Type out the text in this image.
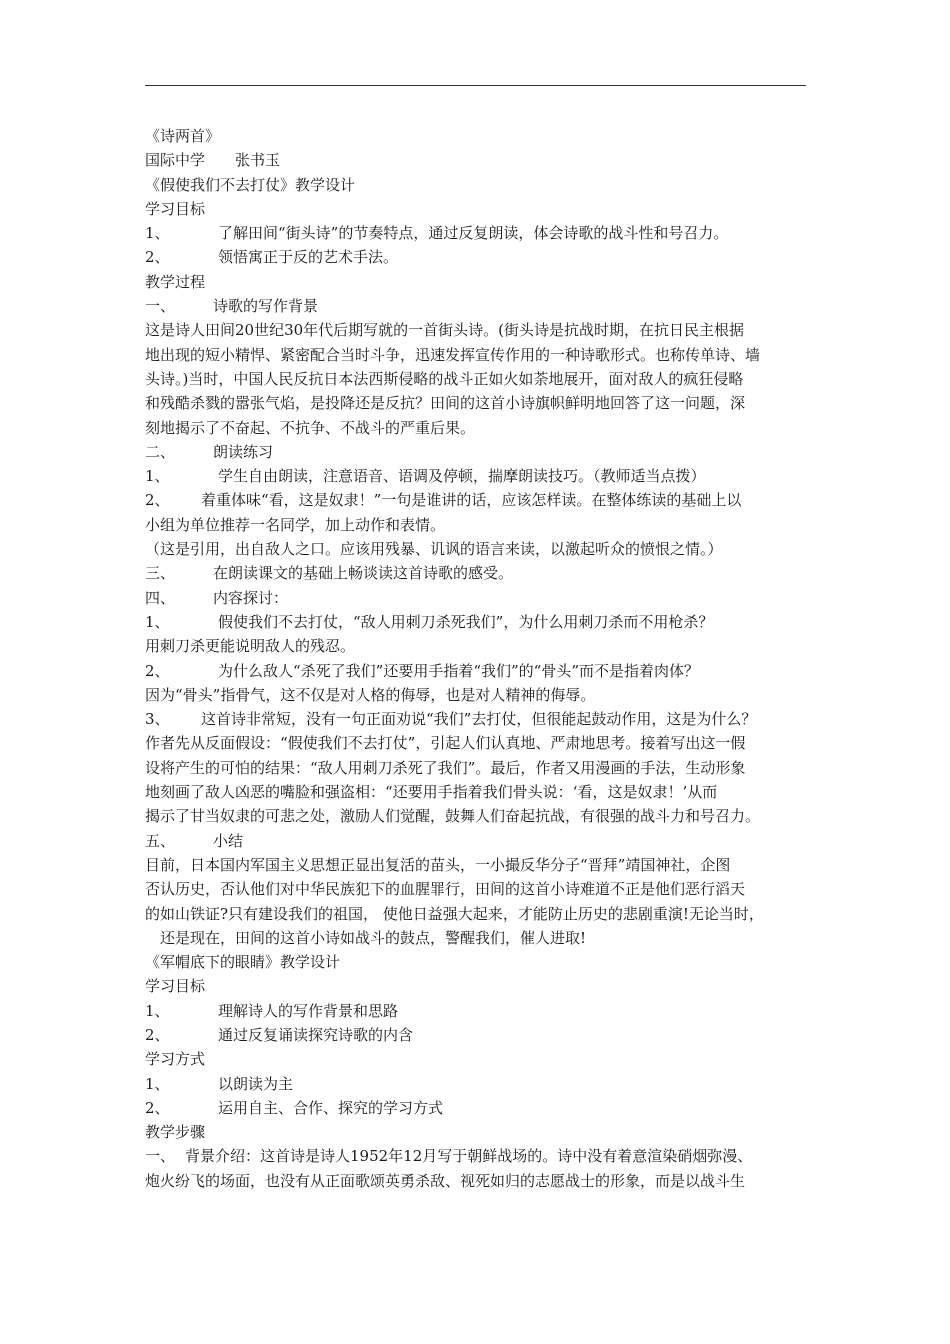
《诗两首》
国际中学　　张书玉
《假使我们不去打仗》教学设计
学习目标
1、	了解田间“街头诗”的节奏特点，通过反复朗读，体会诗歌的战斗性和号召力。
2、	领悟寓正于反的艺术手法。
教学过程
一、	诗歌的写作背景
这是诗人田间20世纪30年代后期写就的一首街头诗。(街头诗是抗战时期，在抗日民主根据
地出现的短小精悍、紧密配合当时斗争，迅速发挥宣传作用的一种诗歌形式。也称传单诗、墙
头诗。)当时，中国人民反抗日本法西斯侵略的战斗正如火如荼地展开，面对敌人的疯狂侵略
和残酷杀戮的嚣张气焰，是投降还是反抗？田间的这首小诗旗帜鲜明地回答了这一问题，深
刻地揭示了不奋起、不抗争、不战斗的严重后果。
二、	朗读练习
1、	学生自由朗读，注意语音、语调及停顿，揣摩朗读技巧。（教师适当点拨）
2、 着重体味“看，这是奴隶！”一句是谁讲的话，应该怎样读。在整体练读的基础上以
小组为单位推荐一名同学，加上动作和表情。
（这是引用，出自敌人之口。应该用残暴、讥讽的语言来读，以激起听众的愤恨之情。）
三、	在朗读课文的基础上畅谈读这首诗歌的感受。
四、	内容探讨：
1、	假使我们不去打仗，“敌人用刺刀杀死我们”，为什么用刺刀杀而不用枪杀？
用刺刀杀更能说明敌人的残忍。
2、	为什么敌人“杀死了我们”还要用手指着“我们”的“骨头”而不是指着肉体？
因为“骨头”指骨气，这不仅是对人格的侮辱，也是对人精神的侮辱。
3、 这首诗非常短，没有一句正面劝说“我们”去打仗，但很能起鼓动作用，这是为什么？
作者先从反面假设：“假使我们不去打仗”，引起人们认真地、严肃地思考。接着写出这一假
设将产生的可怕的结果：“敌人用刺刀杀死了我们”。最后，作者又用漫画的手法，生动形象
地刻画了敌人凶恶的嘴脸和强盗相：“还要用手指着我们骨头说：‘看，这是奴隶！’从而
揭示了甘当奴隶的可悲之处，激励人们觉醒，鼓舞人们奋起抗战，有很强的战斗力和号召力。
五、	小结
目前，日本国内军国主义思想正显出复活的苗头，一小撮反华分子“晋拜”靖国神社，企图
否认历史，否认他们对中华民族犯下的血腥罪行，田间的这首小诗难道不正是他们恶行滔天
的如山铁证?只有建设我们的祖国， 使他日益强大起来，才能防止历史的悲剧重演!无论当时，
还是现在，田间的这首小诗如战斗的鼓点，警醒我们，催人进取!
《军帽底下的眼睛》教学设计
学习目标
1、	理解诗人的写作背景和思路
2、	通过反复诵读探究诗歌的内含
学习方式
1、	以朗读为主
2、	运用自主、合作、探究的学习方式
教学步骤
一、 背景介绍：这首诗是诗人1952年12月写于朝鲜战场的。诗中没有着意渲染硝烟弥漫、
炮火纷飞的场面，也没有从正面歌颂英勇杀敌、视死如归的志愿战士的形象，而是以战斗生
